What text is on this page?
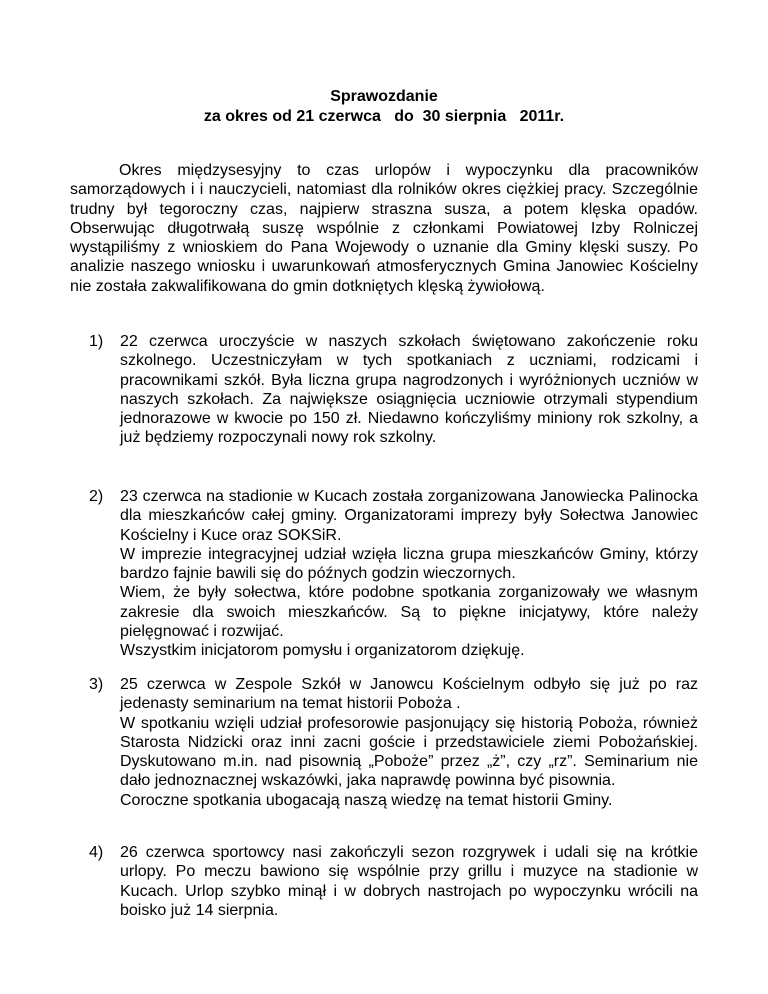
Sprawozdanie
za okres od 21 czerwca   do  30 sierpnia   2011r.

Okres międzysesyjny to czas urlopów i wypoczynku dla pracowników samorządowych i i nauczycieli, natomiast dla rolników okres ciężkiej pracy. Szczególnie trudny był tegoroczny czas, najpierw straszna susza, a potem klęska opadów. Obserwując długotrwałą suszę wspólnie z członkami Powiatowej Izby Rolniczej wystąpiliśmy z wnioskiem do Pana Wojewody o uznanie dla Gminy klęski suszy. Po analizie naszego wniosku i uwarunkowań atmosferycznych Gmina Janowiec Kościelny nie została zakwalifikowana do gmin dotkniętych klęską żywiołową.

1) 22 czerwca uroczyście w naszych szkołach świętowano zakończenie roku szkolnego. Uczestniczyłam w tych spotkaniach z uczniami, rodzicami i pracownikami szkół. Była liczna grupa nagrodzonych i wyróżnionych uczniów w naszych szkołach. Za największe osiągnięcia uczniowie otrzymali stypendium jednorazowe w kwocie po 150 zł. Niedawno kończyliśmy miniony rok szkolny, a już będziemy rozpoczynali nowy rok szkolny.

2) 23 czerwca na stadionie w Kucach została zorganizowana Janowiecka Palinocka dla mieszkańców całej gminy. Organizatorami imprezy były Sołectwa Janowiec Kościelny i Kuce oraz SOKSiR.

W imprezie integracyjnej udział wzięła liczna grupa mieszkańców Gminy, którzy bardzo fajnie bawili się do późnych godzin wieczornych.

Wiem, że były sołectwa, które podobne spotkania zorganizowały we własnym zakresie dla swoich mieszkańców. Są to piękne inicjatywy, które należy pielęgnować i rozwijać.

Wszystkim inicjatorom pomysłu i organizatorom dziękuję.

3) 25 czerwca w Zespole Szkół w Janowcu Kościelnym odbyło się już po raz jedenasty seminarium na temat historii Pobożа .

W spotkaniu wzięli udział profesorowie pasjonujący się historią Poboża, również Starosta Nidzicki oraz inni zacni goście i przedstawiciele ziemi Pobożańskiej. Dyskutowano m.in. nad pisownią „Poboże” przez „ż”, czy „rz”. Seminarium nie dało jednoznacznej wskazówki, jaka naprawdę powinna być pisownia.

Coroczne spotkania ubogacają naszą wiedzę na temat historii Gminy.

4) 26 czerwca sportowcy nasi zakończyli sezon rozgrywek i udali się na krótkie urlopy. Po meczu bawiono się wspólnie przy grillu i muzyce na stadionie w Kucach. Urlop szybko minął i w dobrych nastrojach po wypoczynku wrócili na boisko już 14 sierpnia.
